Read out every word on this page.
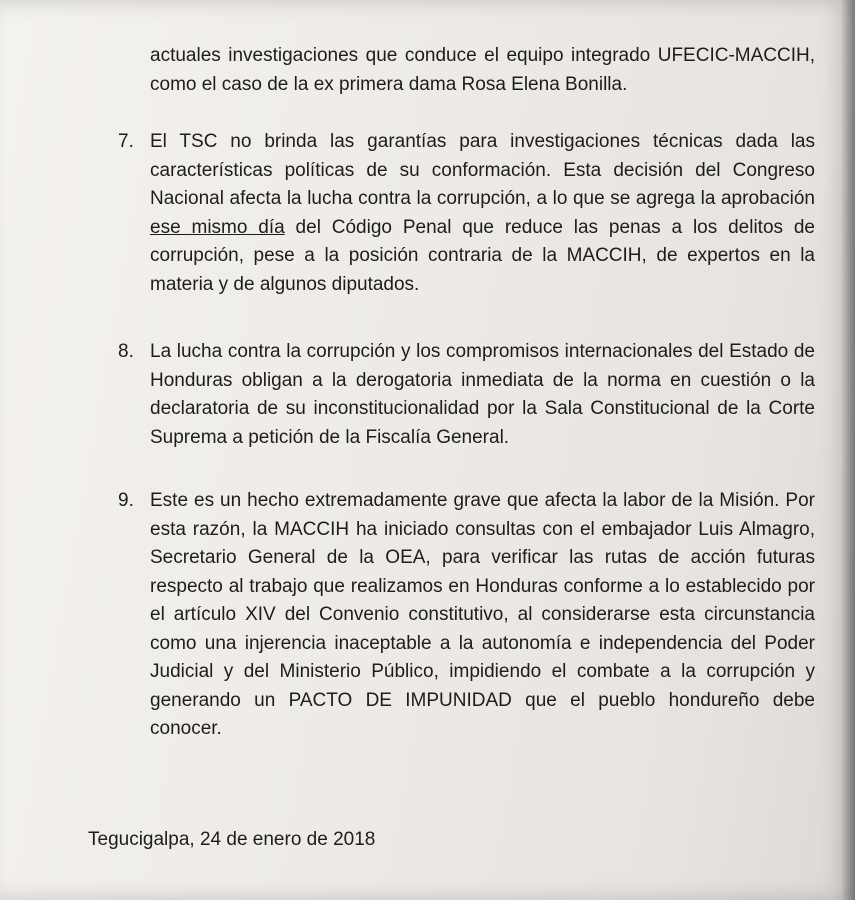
actuales investigaciones que conduce el equipo integrado UFECIC-MACCIH, como el caso de la ex primera dama Rosa Elena Bonilla.
7. El TSC no brinda las garantías para investigaciones técnicas dada las características políticas de su conformación. Esta decisión del Congreso Nacional afecta la lucha contra la corrupción, a lo que se agrega la aprobación ese mismo día del Código Penal que reduce las penas a los delitos de corrupción, pese a la posición contraria de la MACCIH, de expertos en la materia y de algunos diputados.
8. La lucha contra la corrupción y los compromisos internacionales del Estado de Honduras obligan a la derogatoria inmediata de la norma en cuestión o la declaratoria de su inconstitucionalidad por la Sala Constitucional de la Corte Suprema a petición de la Fiscalía General.
9. Este es un hecho extremadamente grave que afecta la labor de la Misión. Por esta razón, la MACCIH ha iniciado consultas con el embajador Luis Almagro, Secretario General de la OEA, para verificar las rutas de acción futuras respecto al trabajo que realizamos en Honduras conforme a lo establecido por el artículo XIV del Convenio constitutivo, al considerarse esta circunstancia como una injerencia inaceptable a la autonomía e independencia del Poder Judicial y del Ministerio Público, impidiendo el combate a la corrupción y generando un PACTO DE IMPUNIDAD que el pueblo hondureño debe conocer.
Tegucigalpa, 24 de enero de 2018
